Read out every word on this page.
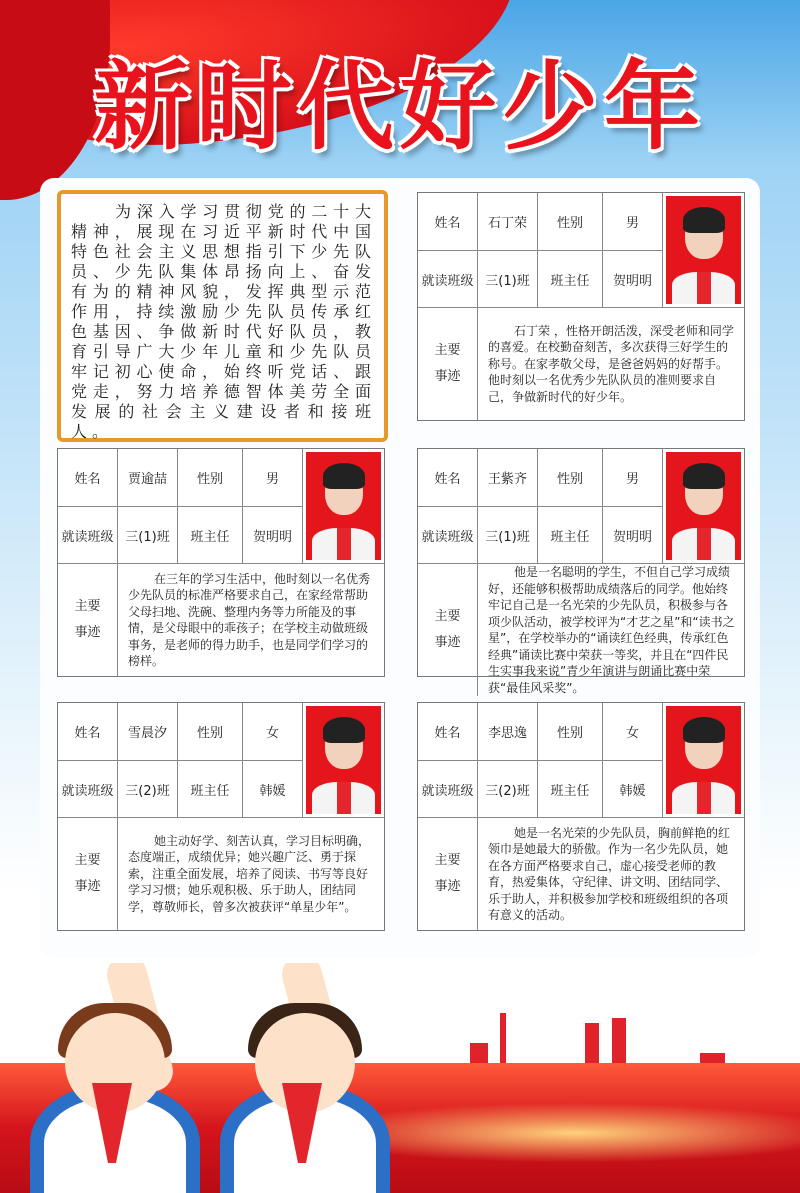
新时代好少年
姓名	石丁荣	性别	男
就读班级 三(1)班	班主任	贺明明
主要
事迹
石丁荣 ，性格开朗活泼，深受老师和同学的喜爱。在校勤奋刻苦，多次获得三好学生的称号。在家孝敬父母，是爸爸妈妈的好帮手。他时刻以一名优秀少先队队员的准则要求自己，争做新时代的好少年。
姓名	贾逾喆	性别	男
就读班级 三(1)班	班主任	贺明明
主要
事迹
在三年的学习生活中，他时刻以一名优秀少先队员的标准严格要求自己，在家经常帮助父母扫地、洗碗、整理内务等力所能及的事情，是父母眼中的乖孩子；在学校主动做班级事务，是老师的得力助手，也是同学们学习的榜样。
姓名	王紫齐	性别	男
就读班级 三(1)班	班主任	贺明明
主要
事迹
他是一名聪明的学生，不但自己学习成绩好，还能够积极帮助成绩落后的同学。他始终牢记自己是一名光荣的少先队员，积极参与各项少队活动，被学校评为“才艺之星”和“读书之星”，在学校举办的“诵读红色经典，传承红色经典”诵读比赛中荣获一等奖，并且在“四件民生实事我来说”青少年演讲与朗诵比赛中荣获“最佳风采奖”。
姓名	雪晨汐	性别	女
就读班级 三(2)班	班主任	韩媛
主要
事迹
她主动好学、刻苦认真，学习目标明确，态度端正，成绩优异；她兴趣广泛、勇于探索，注重全面发展，培养了阅读、书写等良好学习习惯；她乐观积极、乐于助人，团结同学，尊敬师长，曾多次被获评“单星少年”。
姓名	李思逸	性别	女
就读班级 三(2)班	班主任	韩媛
主要
事迹
她是一名光荣的少先队员，胸前鲜艳的红领巾是她最大的骄傲。作为一名少先队员，她在各方面严格要求自己，虚心接受老师的教育，热爱集体，守纪律、讲文明、团结同学、乐于助人，并积极参加学校和班级组织的各项有意义的活动。
为深入学习贯彻党的二十大精神，展现在习近平新时代中国特色社会主义思想指引下少先队员、少先队集体昂扬向上、奋发有为的精神风貌，发挥典型示范作用，持续激励少先队员传承红色基因、争做新时代好队员，教育引导广大少年儿童和少先队员牢记初心使命，始终听党话、跟党走，努力培养德智体美劳全面发展的社会主义建设者和接班人。
